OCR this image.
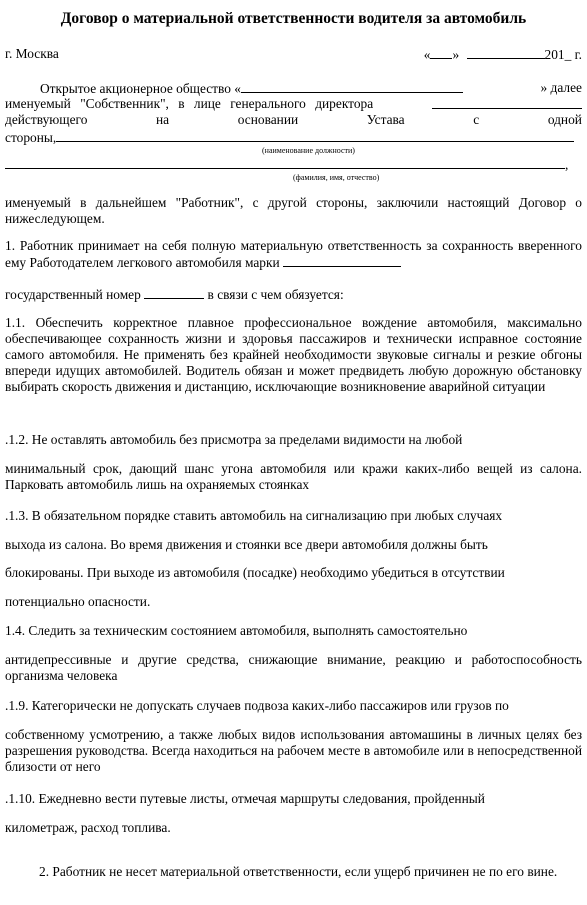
Договор о материальной ответственности водителя за автомобиль
г. Москва	« »	201_ г.
Открытое акционерное общество «	» далее
именуемый "Собственник", в лице генерального директора
действующего	на	основании	Устава	с	одной
стороны,
(наименование должности)
,
(фамилия, имя, отчество)
именуемый в дальнейшем "Работник", с другой стороны, заключили настоящий Договор о нижеследующем.
1. Работник принимает на себя полную материальную ответственность за сохранность вверенного ему Работодателем легкового автомобиля марки
государственный номер	в связи с чем обязуется:
1.1. Обеспечить корректное плавное профессиональное вождение автомобиля, максимально обеспечивающее сохранность жизни и здоровья пассажиров и технически исправное состояние самого автомобиля. Не применять без крайней необходимости звуковые сигналы и резкие обгоны впереди идущих автомобилей. Водитель обязан и может предвидеть любую дорожную обстановку выбирать скорость движения и дистанцию, исключающие возникновение аварийной ситуации
.1.2. Не оставлять автомобиль без присмотра за пределами видимости на любой
минимальный срок, дающий шанс угона автомобиля или кражи каких-либо вещей из салона. Парковать автомобиль лишь на охраняемых стоянках
.1.3. В обязательном порядке ставить автомобиль на сигнализацию при любых случаях
выхода из салона. Во время движения и стоянки все двери автомобиля должны быть
блокированы. При выходе из автомобиля (посадке) необходимо убедиться в отсутствии
потенциально опасности.
1.4. Следить за техническим состоянием автомобиля, выполнять самостоятельно
антидепрессивные и другие средства, снижающие внимание, реакцию и работоспособность организма человека
.1.9. Категорически не допускать случаев подвоза каких-либо пассажиров или грузов по
собственному усмотрению, а также любых видов использования автомашины в личных целях без разрешения руководства. Всегда находиться на рабочем месте в автомобиле или в непосредственной близости от него
.1.10. Ежедневно вести путевые листы, отмечая маршруты следования, пройденный
километраж, расход топлива.
2. Работник не несет материальной ответственности, если ущерб причинен не по его вине.
